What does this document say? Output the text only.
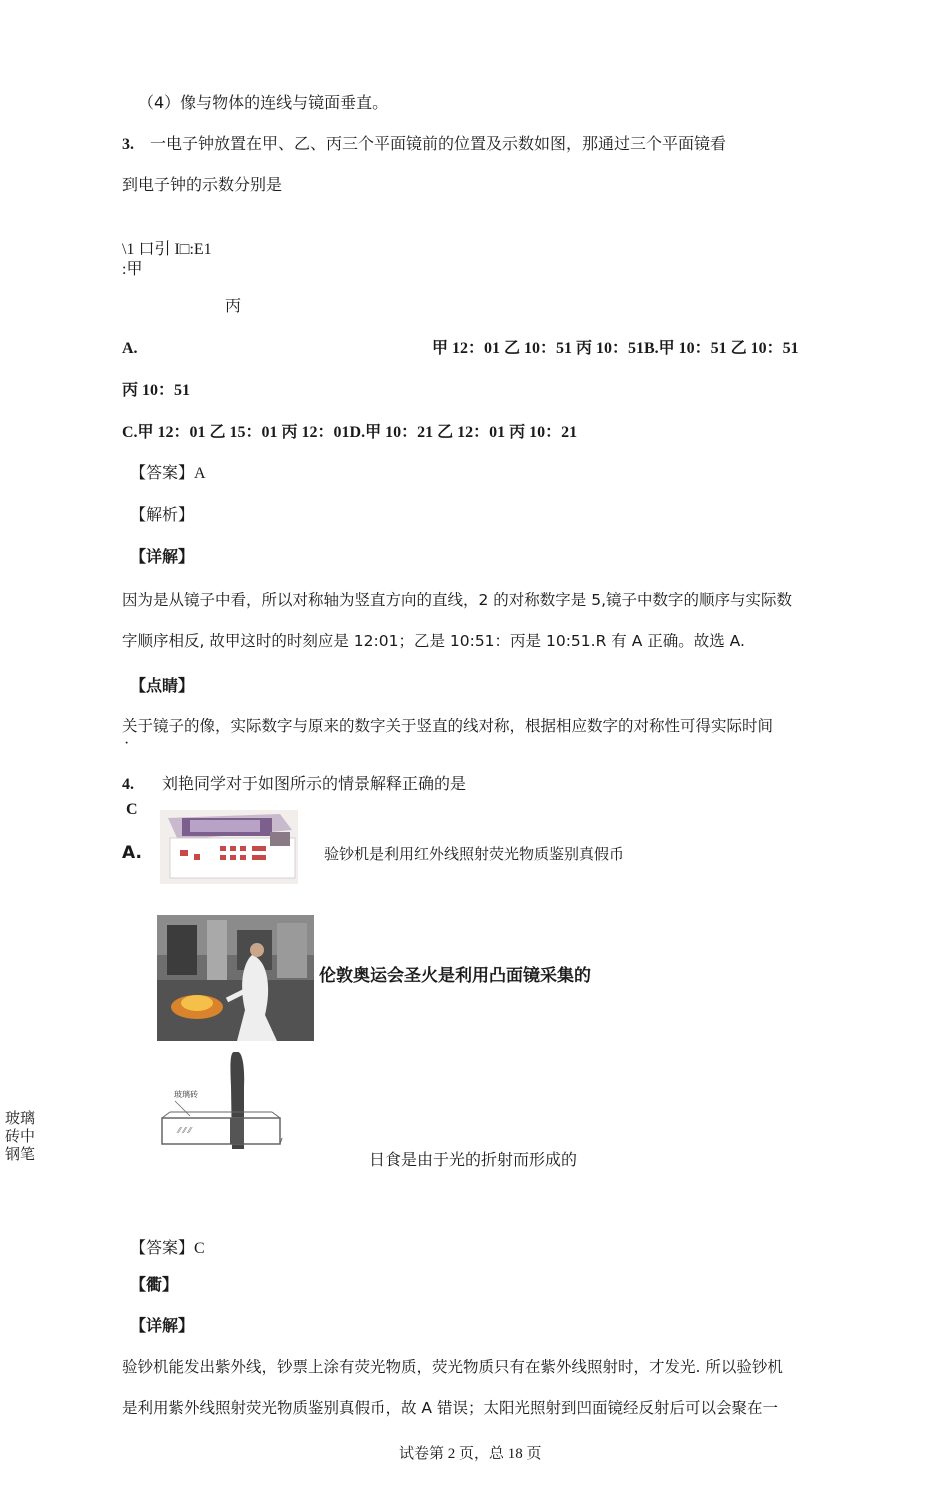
（4）像与物体的连线与镜面垂直。
3. 一电子钟放置在甲、乙、丙三个平面镜前的位置及示数如图，那通过三个平面镜看
到电子钟的示数分别是
\1 口引 I□:E1
:甲
丙
A.	甲 12：01 乙 10：51 丙 10：51B.甲 10：51 乙 10：51
丙 10：51
C.甲 12：01 乙 15：01 丙 12：01D.甲 10：21 乙 12：01 丙 10：21
【答案】A
【解析】
【详解】
因为是从镜子中看，所以对称轴为竖直方向的直线，2 的对称数字是 5,镜子中数字的顺序与实际数
字顺序相反, 故甲这时的时刻应是 12:01；乙是 10:51：丙是 10:51.R 有 A 正确。故选 A.
【点睛】
关于镜子的像，实际数字与原来的数字关于竖直的线对称，根据相应数字的对称性可得实际时间
·
4. 刘艳同学对于如图所示的情景解释正确的是
C
A.	验钞机是利用红外线照射荧光物质鉴别真假币
伦敦奥运会圣火是利用凸面镜采集的
⁄⁄ ⁄⁄ ⁄⁄
玻璃砖
玻璃
砖中
钢笔	日食是由于光的折射而形成的
【答案】C
【衢】
【详解】
验钞机能发出紫外线，钞票上涂有荧光物质，荧光物质只有在紫外线照射时，才发光. 所以验钞机
是利用紫外线照射荧光物质鉴别真假币，故 A 错误；太阳光照射到凹面镜经反射后可以会聚在一
试卷第 2 页，总 18 页
